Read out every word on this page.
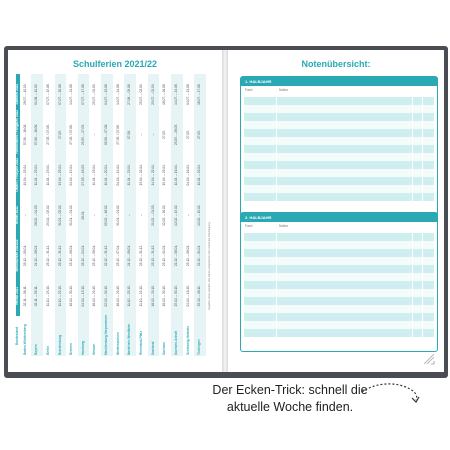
Schulferien 2021/22
Bundesland	Herbst 2021	Weihnachten 2021/22	Winter 2022	Ostern / Frühjahr 2022	Himmelfahrt / Pfingsten 2022	Sommer 2022
Baden-Württemberg	02.11. – 06.11.	23.12. – 08.01.	–	19.04. – 23.04.	07.06. – 18.06.	28.07. – 10.09.
Bayern	02.11. – 05.11.	24.12. – 08.01.	28.02. – 04.03.	11.04. – 23.04.	07.06. – 18.06.	01.08. – 12.09.
Berlin	11.10. – 23.10.	23.12. – 31.12.	29.01. – 05.02.	11.04. – 23.04.	27.05. / 07.06.	07.07. – 19.08.
Brandenburg	11.10. – 23.10.	23.12. – 31.12.	31.01. – 05.02.	13.04. – 23.04.	27.05.	07.07. – 20.08.
Bremen	18.10. – 30.10.	23.12. – 08.01.	31.01. – 01.02.	04.04. – 19.04.	27.05. / 07.06.	14.07. – 24.08.
Hamburg	04.10. – 15.10.	23.12. – 04.01.	28.01.	07.03. – 18.03.	23.05. – 27.05.	07.07. – 17.08.
Hessen	18.10. – 29.10.	23.12. – 08.01.	–	11.04. – 23.04.	–	25.07. – 02.09.
Mecklenburg-Vorpommern	02.10. – 09.10.	22.12. – 31.12.	05.02. – 18.02.	11.04. – 20.04.	03.06. – 07.06.	04.07. – 13.08.
Niedersachsen	18.10. – 29.10.	23.12. – 07.01.	31.01. – 01.02.	04.04. – 19.04.	27.05. / 07.06.	14.07. – 24.08.
Nordrhein-Westfalen	11.10. – 23.10.	24.12. – 08.01.	–	11.04. – 23.04.	07.06.	27.06. – 09.08.
Rheinland-Pfalz	11.10. – 22.10.	23.12. – 31.12.	–	13.04. – 22.04.	–	25.07. – 02.09.
Saarland	18.10. – 29.10.	23.12. – 31.12.	21.02. – 01.03.	14.04. – 22.04.	–	25.07. – 02.09.
Sachsen	18.10. – 30.10.	23.12. – 01.01.	12.02. – 26.02.	15.04. – 23.04.	27.05.	18.07. – 26.08.
Sachsen-Anhalt	25.10. – 30.10.	22.12. – 08.01.	12.02. – 19.02.	11.04. – 16.04.	23.05. – 28.05.	14.07. – 24.08.
Schleswig-Holstein	04.10. – 16.10.	23.12. – 08.01.	–	04.04. – 16.04.	27.05.	04.07. – 13.08.
Thüringen	25.10. – 06.11.	22.12. – 01.01.	12.02. – 19.02.	11.04. – 22.04.	27.05.	18.07. – 27.08.
Angaben ohne Gewähr. Alle Daten entsprechen dem Stand bei Drucklegung.
Notenübersicht:
1. HALBJAHR
Fach	Noten
2. HALBJAHR
Fach	Noten
Der Ecken-Trick: schnell die
aktuelle Woche finden.
